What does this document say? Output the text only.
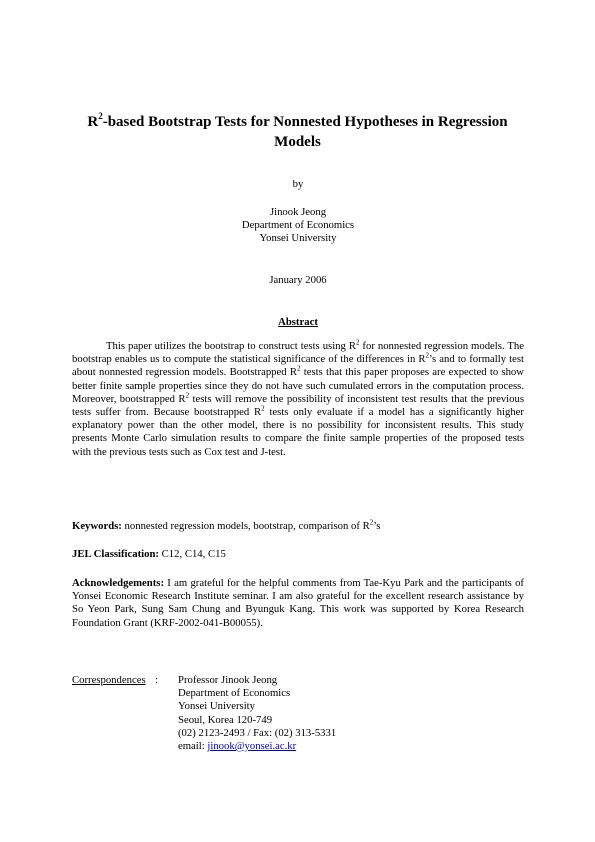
$R^2$-based Bootstrap Tests for Nonnested Hypotheses in Regression
Models
by
Jinook Jeong
Department of Economics
Yonsei University
January 2006
Abstract
This paper utilizes the bootstrap to construct tests using $R^2$ for nonnested regression models. The bootstrap enables us to compute the statistical significance of the differences in $R^2’s$ and to formally test about nonnested regression models. Bootstrapped $R^2$ tests that this paper proposes are expected to show better finite sample properties since they do not have such cumulated errors in the computation process. Moreover, bootstrapped $R^2$ tests will remove the possibility of inconsistent test results that the previous tests suffer from. Because bootstrapped $R^2$ tests only evaluate if a model has a significantly higher explanatory power than the other model, there is no possibility for inconsistent results. This study presents Monte Carlo simulation results to compare the finite sample properties of the proposed tests with the previous tests such as Cox test and J-test.
Keywords: nonnested regression models, bootstrap, comparison of $R^2’s$
JEL Classification: C12, C14, C15
Acknowledgements: I am grateful for the helpful comments from Tae-Kyu Park and the participants of Yonsei Economic Research Institute seminar. I am also grateful for the excellent research assistance by So Yeon Park, Sung Sam Chung and Byunguk Kang. This work was supported by Korea Research Foundation Grant (KRF-2002-041-B00055).
Correspondences : Professor Jinook Jeong
Department of Economics
Yonsei University
Seoul, Korea 120-749
(02) 2123-2493 / Fax: (02) 313-5331
email: jinook@yonsei.ac.kr
